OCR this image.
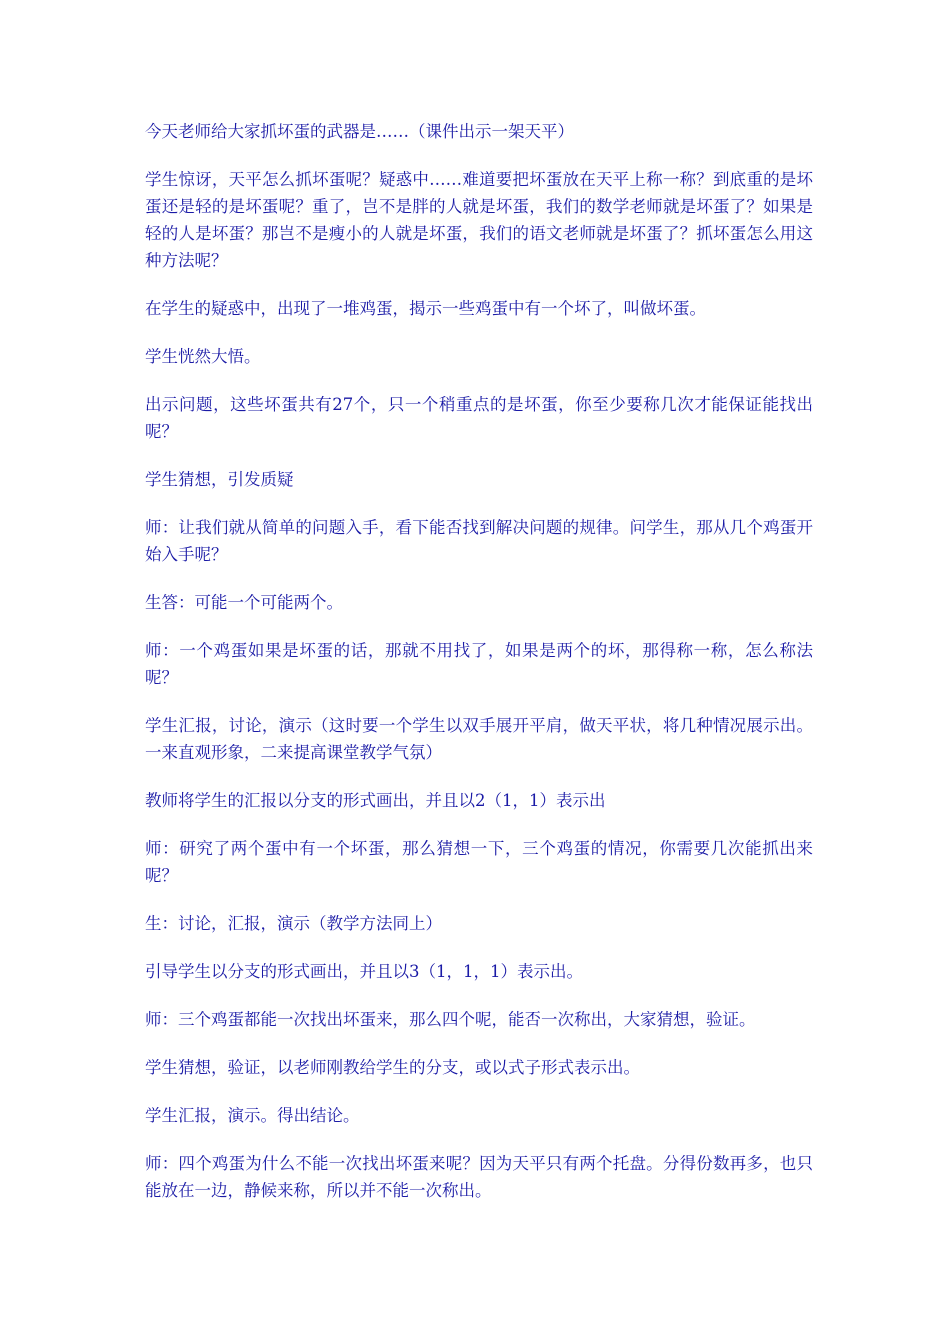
今天老师给大家抓坏蛋的武器是……（课件出示一架天平）

学生惊讶，天平怎么抓坏蛋呢？疑惑中……难道要把坏蛋放在天平上称一称？到底重的是坏蛋还是轻的是坏蛋呢？重了，岂不是胖的人就是坏蛋，我们的数学老师就是坏蛋了？如果是轻的人是坏蛋？那岂不是瘦小的人就是坏蛋，我们的语文老师就是坏蛋了？抓坏蛋怎么用这种方法呢？

在学生的疑惑中，出现了一堆鸡蛋，揭示一些鸡蛋中有一个坏了，叫做坏蛋。

学生恍然大悟。

出示问题，这些坏蛋共有27个，只一个稍重点的是坏蛋，你至少要称几次才能保证能找出呢？

学生猜想，引发质疑

师：让我们就从简单的问题入手，看下能否找到解决问题的规律。问学生，那从几个鸡蛋开始入手呢？

生答：可能一个可能两个。

师：一个鸡蛋如果是坏蛋的话，那就不用找了，如果是两个的坏，那得称一称，怎么称法呢？

学生汇报，讨论，演示（这时要一个学生以双手展开平肩，做天平状，将几种情况展示出。一来直观形象，二来提高课堂教学气氛）

教师将学生的汇报以分支的形式画出，并且以2（1，1）表示出

师：研究了两个蛋中有一个坏蛋，那么猜想一下，三个鸡蛋的情况，你需要几次能抓出来呢？

生：讨论，汇报，演示（教学方法同上）

引导学生以分支的形式画出，并且以3（1，1，1）表示出。

师：三个鸡蛋都能一次找出坏蛋来，那么四个呢，能否一次称出，大家猜想，验证。

学生猜想，验证，以老师刚教给学生的分支，或以式子形式表示出。

学生汇报，演示。得出结论。

师：四个鸡蛋为什么不能一次找出坏蛋来呢？因为天平只有两个托盘。分得份数再多，也只能放在一边，静候来称，所以并不能一次称出。
